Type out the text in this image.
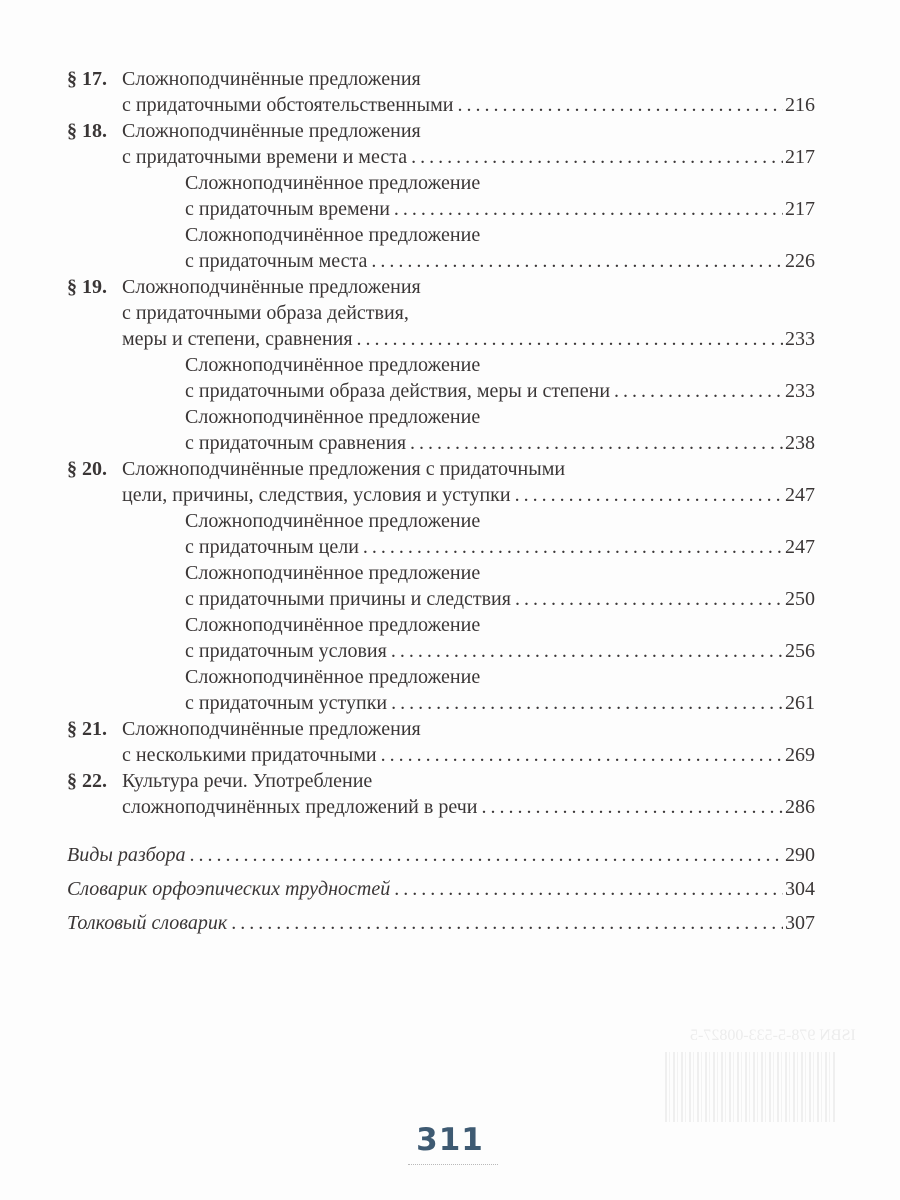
ISBN 978-5-533-00827-5
§ 17. Сложноподчинённые предложения
с придаточными обстоятельственными . . .	216
§ 18. Сложноподчинённые предложения
с придаточными времени и места . . .	217
Сложноподчинённое предложение
с придаточным времени . . .	217
Сложноподчинённое предложение
с придаточным места . . .	226
§ 19. Сложноподчинённые предложения
с придаточными образа действия,
меры и степени, сравнения . . .	233
Сложноподчинённое предложение
с придаточными образа действия, меры и степени . . .	233
Сложноподчинённое предложение
с придаточным сравнения . . .	238
§ 20. Сложноподчинённые предложения с придаточными
цели, причины, следствия, условия и уступки . . .	247
Сложноподчинённое предложение
с придаточным цели . . .	247
Сложноподчинённое предложение
с придаточными причины и следствия . . .	250
Сложноподчинённое предложение
с придаточным условия . . .	256
Сложноподчинённое предложение
с придаточным уступки . . .	261
§ 21. Сложноподчинённые предложения
с несколькими придаточными . . .	269
§ 22. Культура речи. Употребление
сложноподчинённых предложений в речи . . .	286
Виды разбора . . .	290
Словарик орфоэпических трудностей . . .	304
Толковый словарик . . .	307
311
